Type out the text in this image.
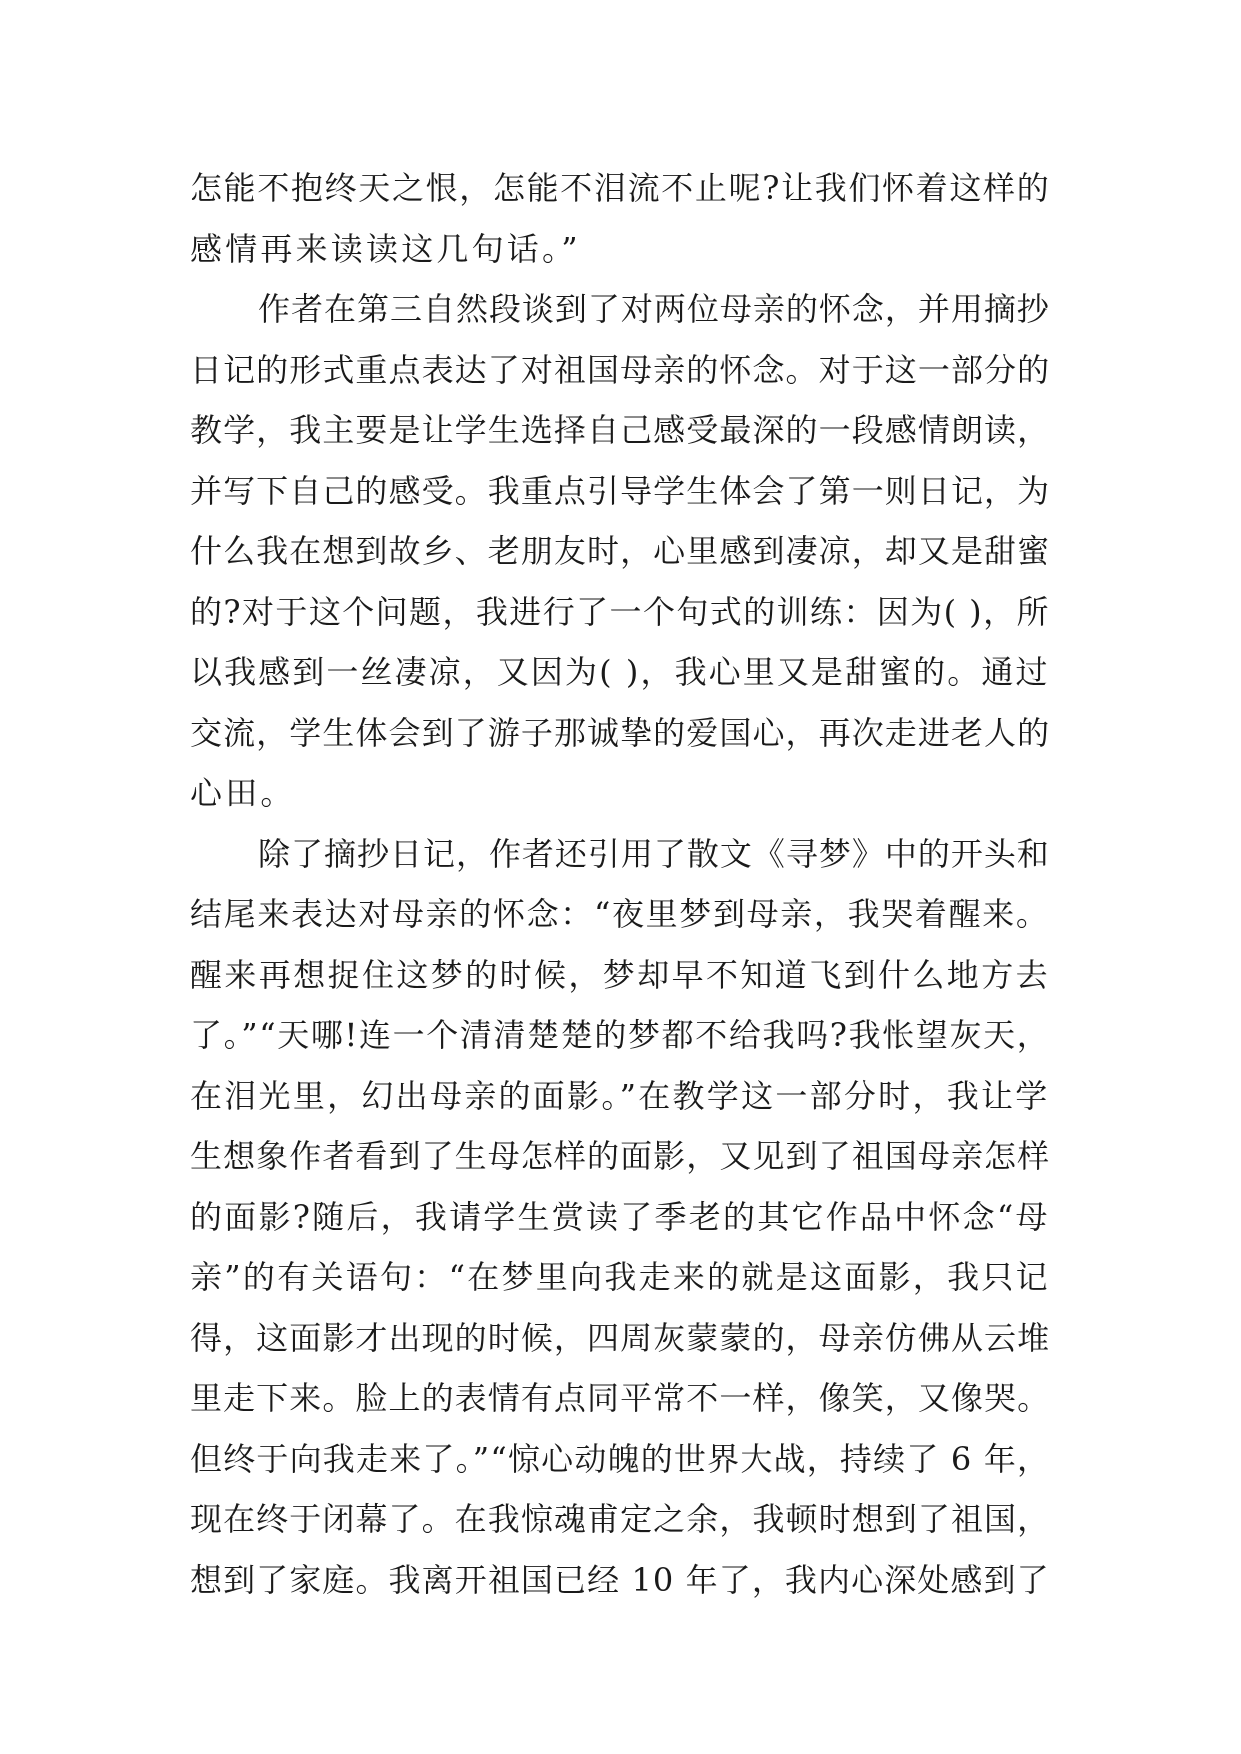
怎能不抱终天之恨，怎能不泪流不止呢?让我们怀着这样的
感情再来读读这几句话。”
作者在第三自然段谈到了对两位母亲的怀念，并用摘抄
日记的形式重点表达了对祖国母亲的怀念。对于这一部分的
教学，我主要是让学生选择自己感受最深的一段感情朗读，
并写下自己的感受。我重点引导学生体会了第一则日记，为
什么我在想到故乡、老朋友时，心里感到凄凉，却又是甜蜜
的?对于这个问题，我进行了一个句式的训练：因为( )，所
以我感到一丝凄凉，又因为( )，我心里又是甜蜜的。通过
交流，学生体会到了游子那诚挚的爱国心，再次走进老人的
心田。
除了摘抄日记，作者还引用了散文《寻梦》中的开头和
结尾来表达对母亲的怀念：“夜里梦到母亲，我哭着醒来。
醒来再想捉住这梦的时候，梦却早不知道飞到什么地方去
了。”“天哪!连一个清清楚楚的梦都不给我吗?我怅望灰天，
在泪光里，幻出母亲的面影。”在教学这一部分时，我让学
生想象作者看到了生母怎样的面影，又见到了祖国母亲怎样
的面影?随后，我请学生赏读了季老的其它作品中怀念“母
亲”的有关语句：“在梦里向我走来的就是这面影，我只记
得，这面影才出现的时候，四周灰蒙蒙的，母亲仿佛从云堆
里走下来。脸上的表情有点同平常不一样，像笑，又像哭。
但终于向我走来了。”“惊心动魄的世界大战，持续了 6 年，
现在终于闭幕了。在我惊魂甫定之余，我顿时想到了祖国，
想到了家庭。我离开祖国已经 10 年了，我内心深处感到了
